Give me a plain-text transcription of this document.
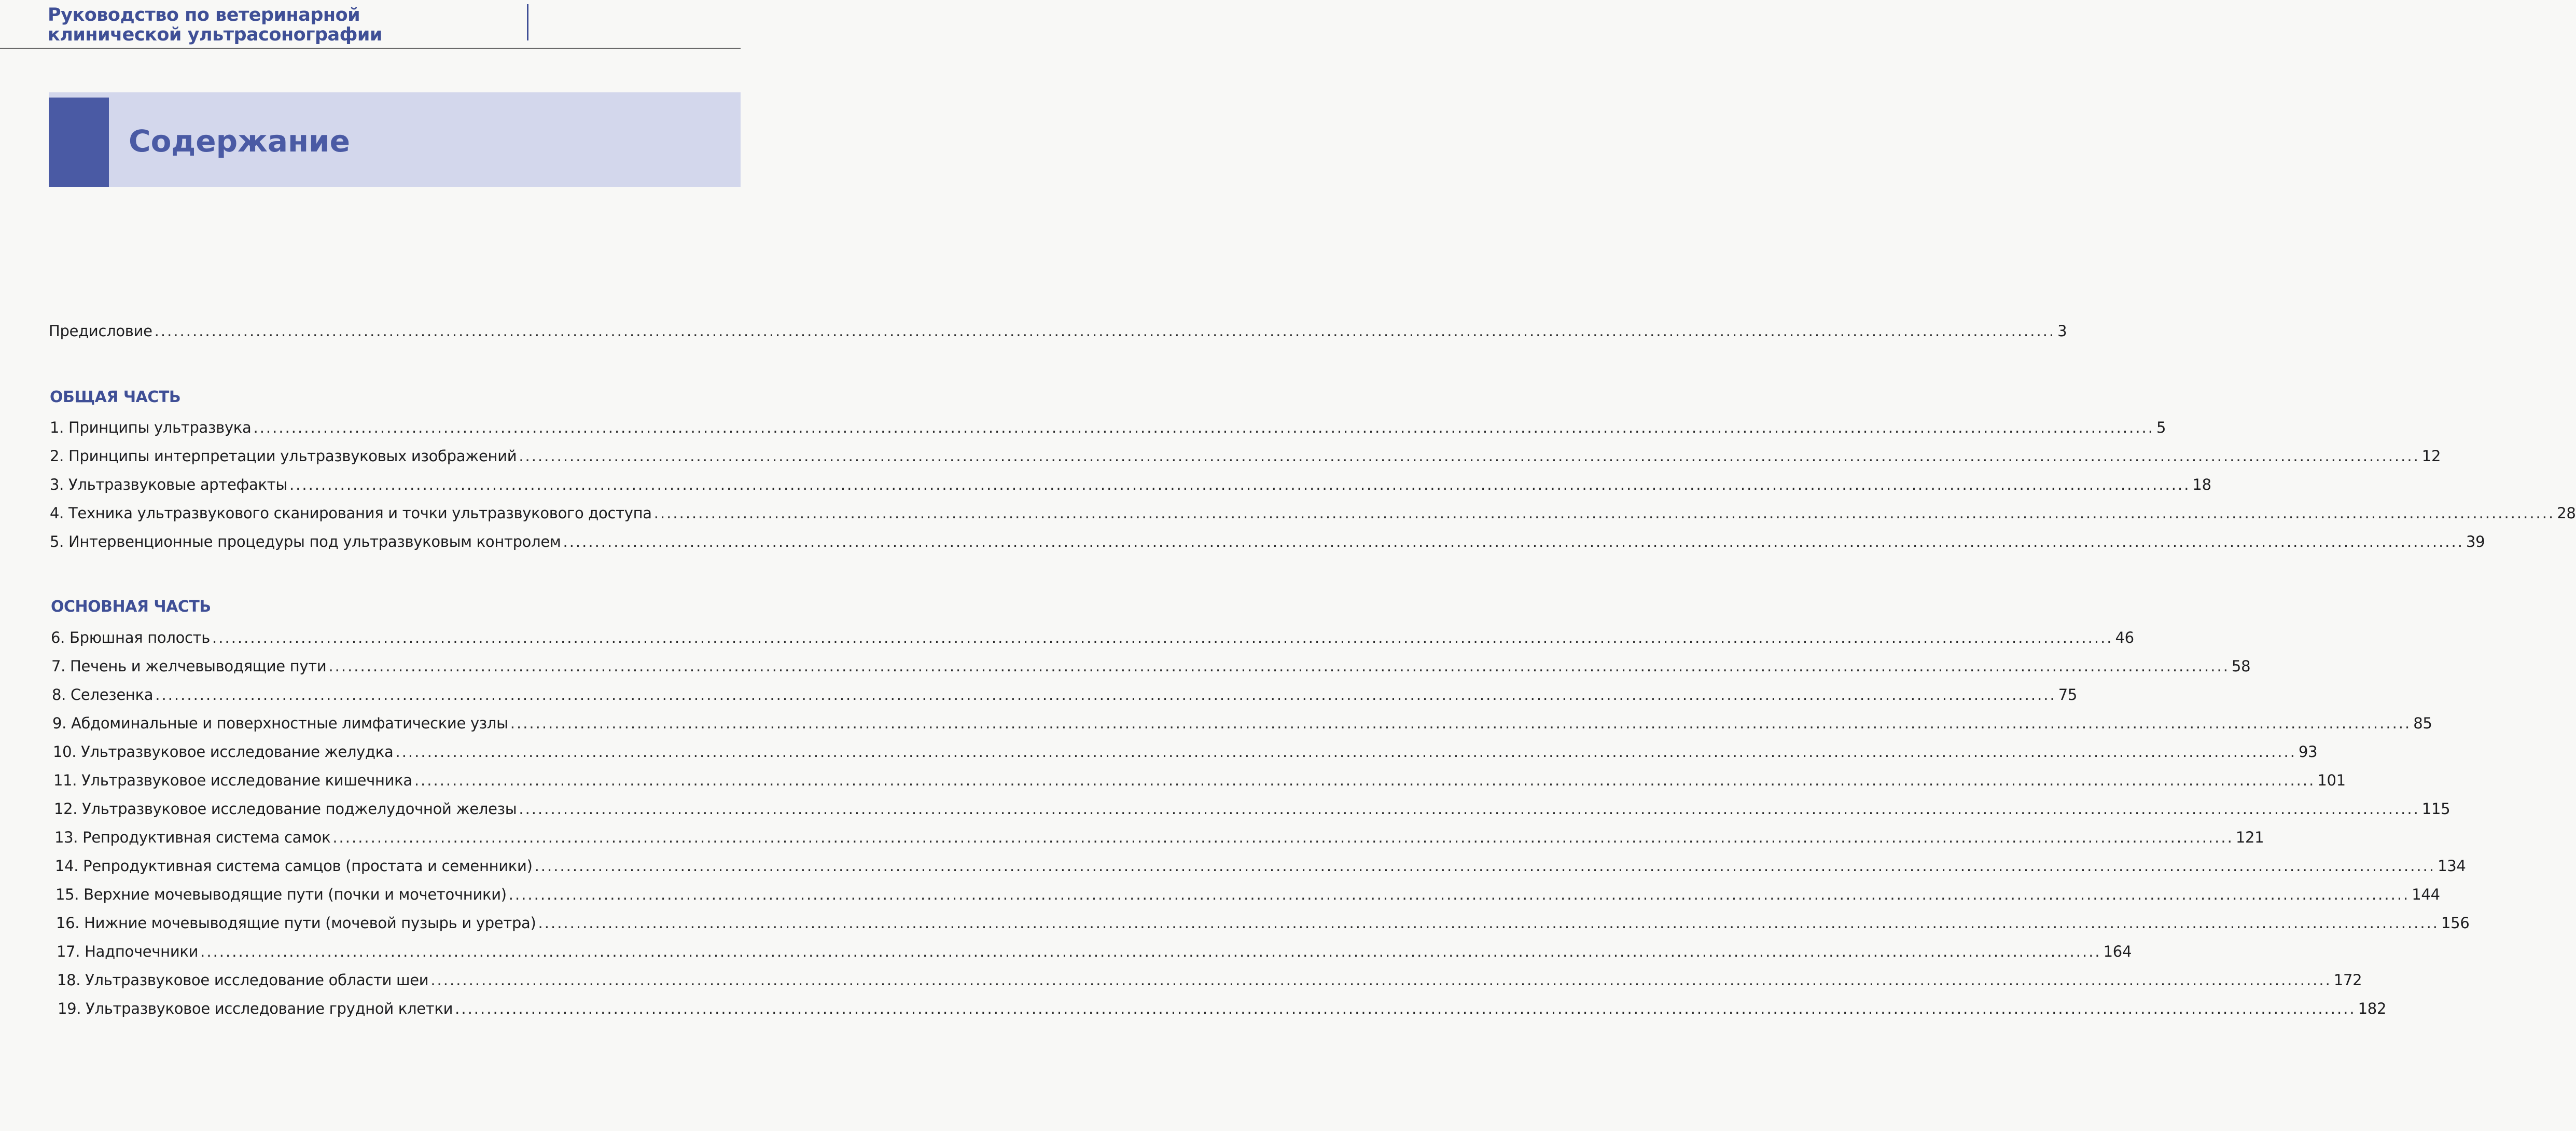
Руководство по ветеринарной
клинической ультрасонографии
Содержание
Предисловие ............................................................................................................................................................................................................................................................................................................ 3
ОБЩАЯ ЧАСТЬ
1. Принципы ультразвука ............................................................................................................................................................................................................................................................................................................ 5
2. Принципы интерпретации ультразвуковых изображений ............................................................................................................................................................................................................................................................................................................ 12
3. Ультразвуковые артефакты ............................................................................................................................................................................................................................................................................................................ 18
4. Техника ультразвукового сканирования и точки ультразвукового доступа ............................................................................................................................................................................................................................................................................................................ 28
5. Интервенционные процедуры под ультразвуковым контролем ............................................................................................................................................................................................................................................................................................................ 39
ОСНОВНАЯ ЧАСТЬ
6. Брюшная полость ............................................................................................................................................................................................................................................................................................................ 46
7. Печень и желчевыводящие пути ............................................................................................................................................................................................................................................................................................................ 58
8. Селезенка ............................................................................................................................................................................................................................................................................................................ 75
9. Абдоминальные и поверхностные лимфатические узлы ............................................................................................................................................................................................................................................................................................................ 85
10. Ультразвуковое исследование желудка ............................................................................................................................................................................................................................................................................................................ 93
11. Ультразвуковое исследование кишечника ............................................................................................................................................................................................................................................................................................................ 101
12. Ультразвуковое исследование поджелудочной железы ............................................................................................................................................................................................................................................................................................................ 115
13. Репродуктивная система самок ............................................................................................................................................................................................................................................................................................................ 121
14. Репродуктивная система самцов (простата и семенники) ............................................................................................................................................................................................................................................................................................................ 134
15. Верхние мочевыводящие пути (почки и мочеточники) ............................................................................................................................................................................................................................................................................................................ 144
16. Нижние мочевыводящие пути (мочевой пузырь и уретра) ............................................................................................................................................................................................................................................................................................................ 156
17. Надпочечники ............................................................................................................................................................................................................................................................................................................ 164
18. Ультразвуковое исследование области шеи ............................................................................................................................................................................................................................................................................................................ 172
19. Ультразвуковое исследование грудной клетки ............................................................................................................................................................................................................................................................................................................ 182
